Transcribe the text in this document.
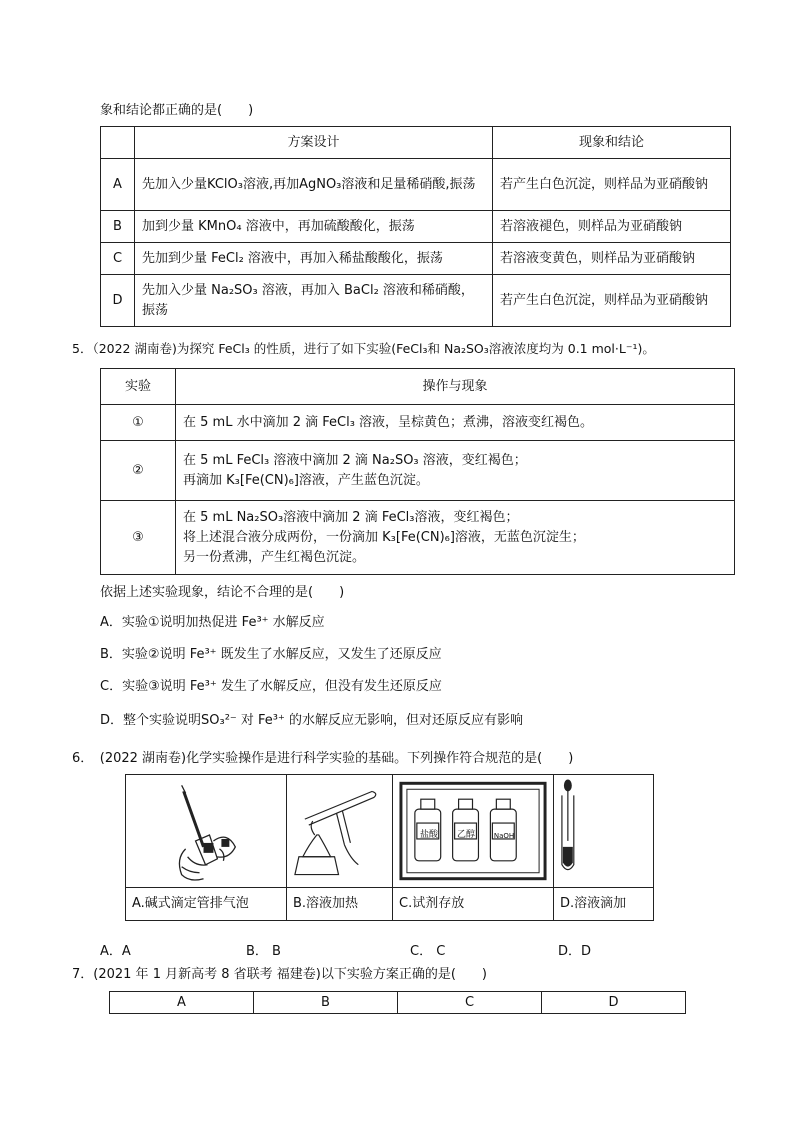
象和结论都正确的是(　　)
	方案设计	现象和结论
A	先加入少量KClO₃溶液,再加AgNO₃溶液和足量稀硝酸,振荡	若产生白色沉淀，则样品为亚硝酸钠
B	加到少量 KMnO₄ 溶液中，再加硫酸酸化，振荡	若溶液褪色，则样品为亚硝酸钠
C	先加到少量 FeCl₂ 溶液中，再加入稀盐酸酸化，振荡	若溶液变黄色，则样品为亚硝酸钠
D	先加入少量 Na₂SO₃ 溶液，再加入 BaCl₂ 溶液和稀硝酸，振荡	若产生白色沉淀，则样品为亚硝酸钠
5．（2022 湖南卷)为探究 FeCl₃ 的性质，进行了如下实验(FeCl₃和 Na₂SO₃溶液浓度均为 0.1 mol·L⁻¹)。
实验	操作与现象
①	在 5 mL 水中滴加 2 滴 FeCl₃ 溶液，呈棕黄色；煮沸，溶液变红褐色。
②	在 5 mL FeCl₃ 溶液中滴加 2 滴 Na₂SO₃ 溶液，变红褐色；
再滴加 K₃[Fe(CN)₆]溶液，产生蓝色沉淀。
③	在 5 mL Na₂SO₃溶液中滴加 2 滴 FeCl₃溶液，变红褐色；
将上述混合液分成两份，一份滴加 K₃[Fe(CN)₆]溶液，无蓝色沉淀生；
另一份煮沸，产生红褐色沉淀。
依据上述实验现象，结论不合理的是(　　)
A．实验①说明加热促进 Fe³⁺ 水解反应
B．实验②说明 Fe³⁺ 既发生了水解反应，又发生了还原反应
C．实验③说明 Fe³⁺ 发生了水解反应，但没有发生还原反应
D．整个实验说明SO₃²⁻ 对 Fe³⁺ 的水解反应无影响，但对还原反应有影响
6．　(2022 湖南卷)化学实验操作是进行科学实验的基础。下列操作符合规范的是(　　)

盐酸 乙醇 NaOH

A.碱式滴定管排气泡	B.溶液加热	C.试剂存放	D.溶液滴加
A．A	B． B	C． C	D．D
7．(2021 年 1 月新高考 8 省联考 福建卷)以下实验方案正确的是(　　)
A	B	C	D
